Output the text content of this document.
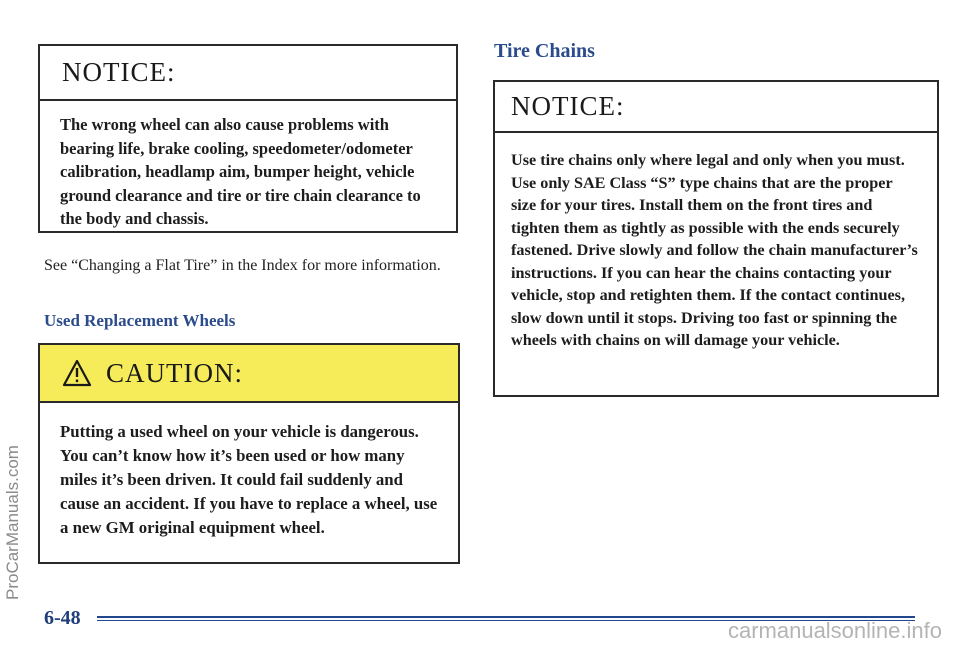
NOTICE:
The wrong wheel can also cause problems with bearing life, brake cooling, speedometer/odometer calibration, headlamp aim, bumper height, vehicle ground clearance and tire or tire chain clearance to the body and chassis.
See “Changing a Flat Tire” in the Index for more information.
Used Replacement Wheels
CAUTION:
Putting a used wheel on your vehicle is dangerous. You can’t know how it’s been used or how many miles it’s been driven. It could fail suddenly and cause an accident. If you have to replace a wheel, use a new GM original equipment wheel.
Tire Chains
NOTICE:
Use tire chains only where legal and only when you must. Use only SAE Class “S” type chains that are the proper size for your tires. Install them on the front tires and tighten them as tightly as possible with the ends securely fastened. Drive slowly and follow the chain manufacturer’s instructions. If you can hear the chains contacting your vehicle, stop and retighten them. If the contact continues, slow down until it stops. Driving too fast or spinning the wheels with chains on will damage your vehicle.
6-48
ProCarManuals.com
carmanualsonline.info
